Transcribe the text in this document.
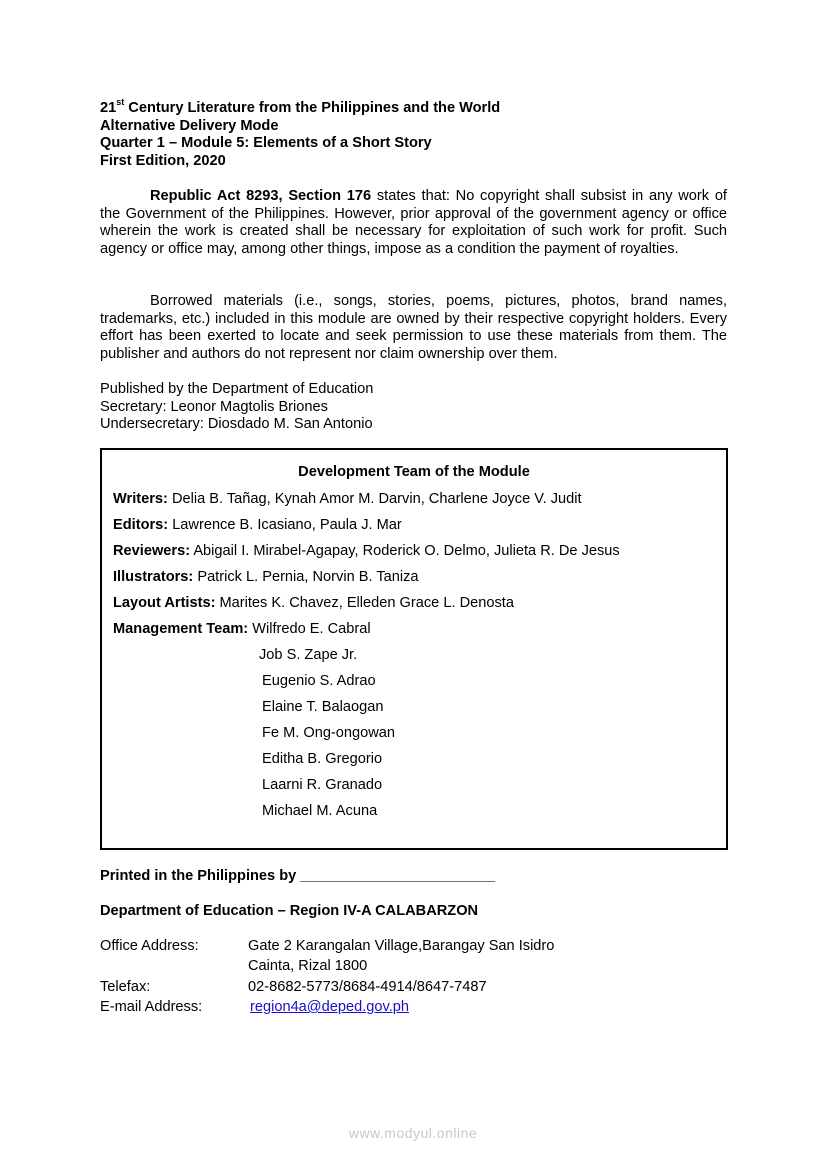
21st Century Literature from the Philippines and the World
Alternative Delivery Mode
Quarter 1 – Module 5: Elements of a Short Story
First Edition, 2020
Republic Act 8293, Section 176 states that: No copyright shall subsist in any work of the Government of the Philippines. However, prior approval of the government agency or office wherein the work is created shall be necessary for exploitation of such work for profit. Such agency or office may, among other things, impose as a condition the payment of royalties.
Borrowed materials (i.e., songs, stories, poems, pictures, photos, brand names, trademarks, etc.) included in this module are owned by their respective copyright holders. Every effort has been exerted to locate and seek permission to use these materials from them. The publisher and authors do not represent nor claim ownership over them.
Published by the Department of Education
Secretary: Leonor Magtolis Briones
Undersecretary: Diosdado M. San Antonio
Development Team of the Module
Writers: Delia B. Tañag, Kynah Amor M. Darvin, Charlene Joyce V. Judit
Editors: Lawrence B. Icasiano, Paula J. Mar
Reviewers: Abigail I. Mirabel-Agapay, Roderick O. Delmo, Julieta R. De Jesus
Illustrators: Patrick L. Pernia, Norvin B. Taniza
Layout Artists: Marites K. Chavez, Elleden Grace L. Denosta
Management Team: Wilfredo E. Cabral
Job S. Zape Jr.
Eugenio S. Adrao
Elaine T. Balaogan
Fe M. Ong-ongowan
Editha B. Gregorio
Laarni R. Granado
Michael M. Acuna
Printed in the Philippines by ________________________
Department of Education – Region IV-A CALABARZON
Office Address:	Gate 2 Karangalan Village,Barangay San Isidro
Cainta, Rizal 1800
Telefax:	02-8682-5773/8684-4914/8647-7487
E-mail Address:	region4a@deped.gov.ph
www.modyul.online
